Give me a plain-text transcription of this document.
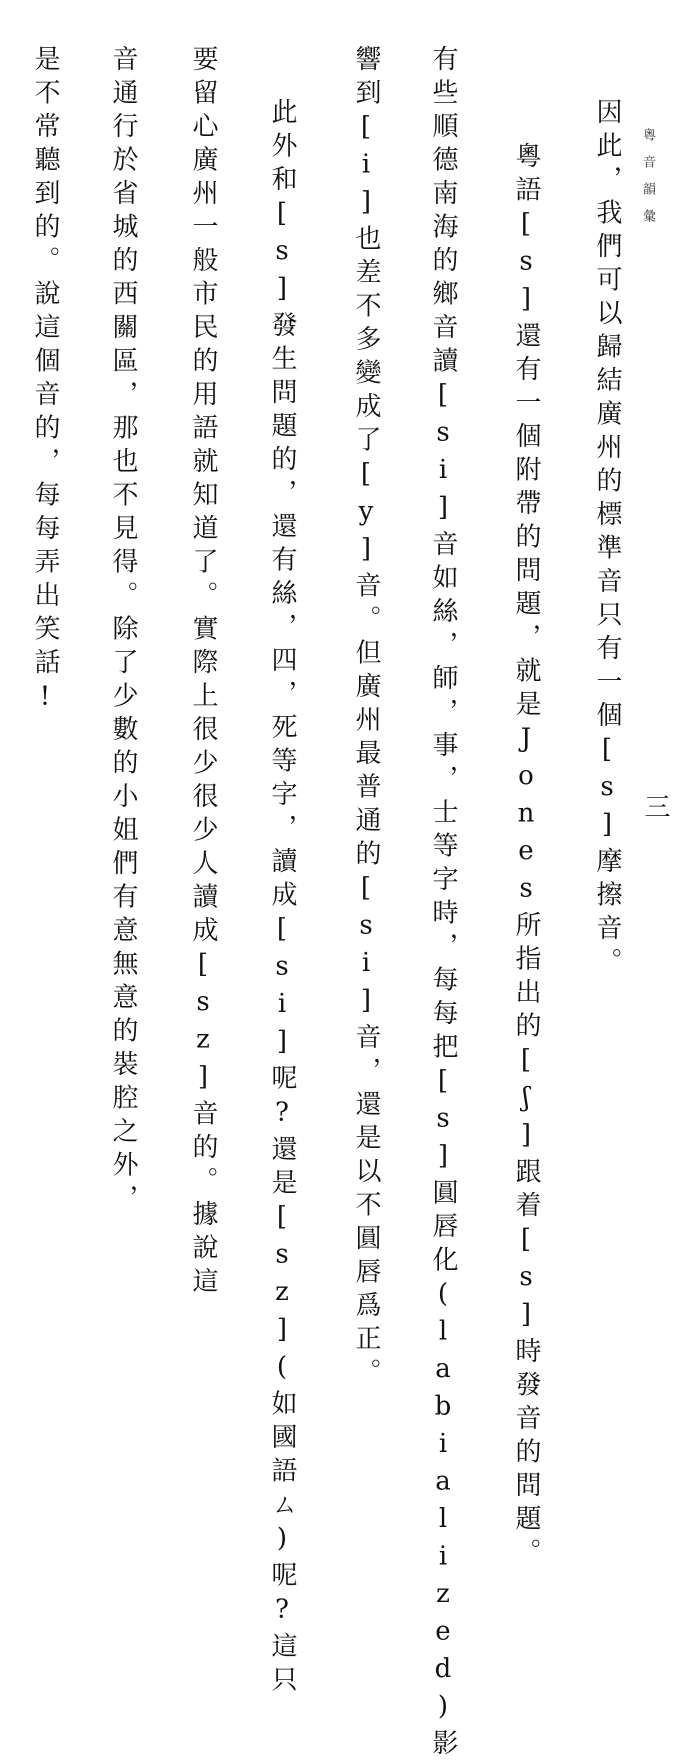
粵音韻彙
因此，我們可以歸結廣州的標準音只有一個[s]摩擦音。
粵語[s]還有一個附帶的問題，就是Jones所指出的[ʃ]跟着[s]時發音的問題。
有些順德南海的鄉音讀[si]音如絲，師，事，士等字時，每每把[s]圓唇化(labialized)影
響到[i]也差不多變成了[y]音。但廣州最普通的[si]音，還是以不圓唇爲正。
此外和[s]發生問題的，還有絲，四，死等字，讀成[si]呢?還是[sz](如國語ㄙ)呢?這只
要留心廣州一般市民的用語就知道了。實際上很少很少人讀成[sz]音的。據說這
音通行於省城的西關區，那也不見得。除了少數的小姐們有意無意的裝腔之外，
是不常聽到的。說這個音的，每每弄出笑話!
三
